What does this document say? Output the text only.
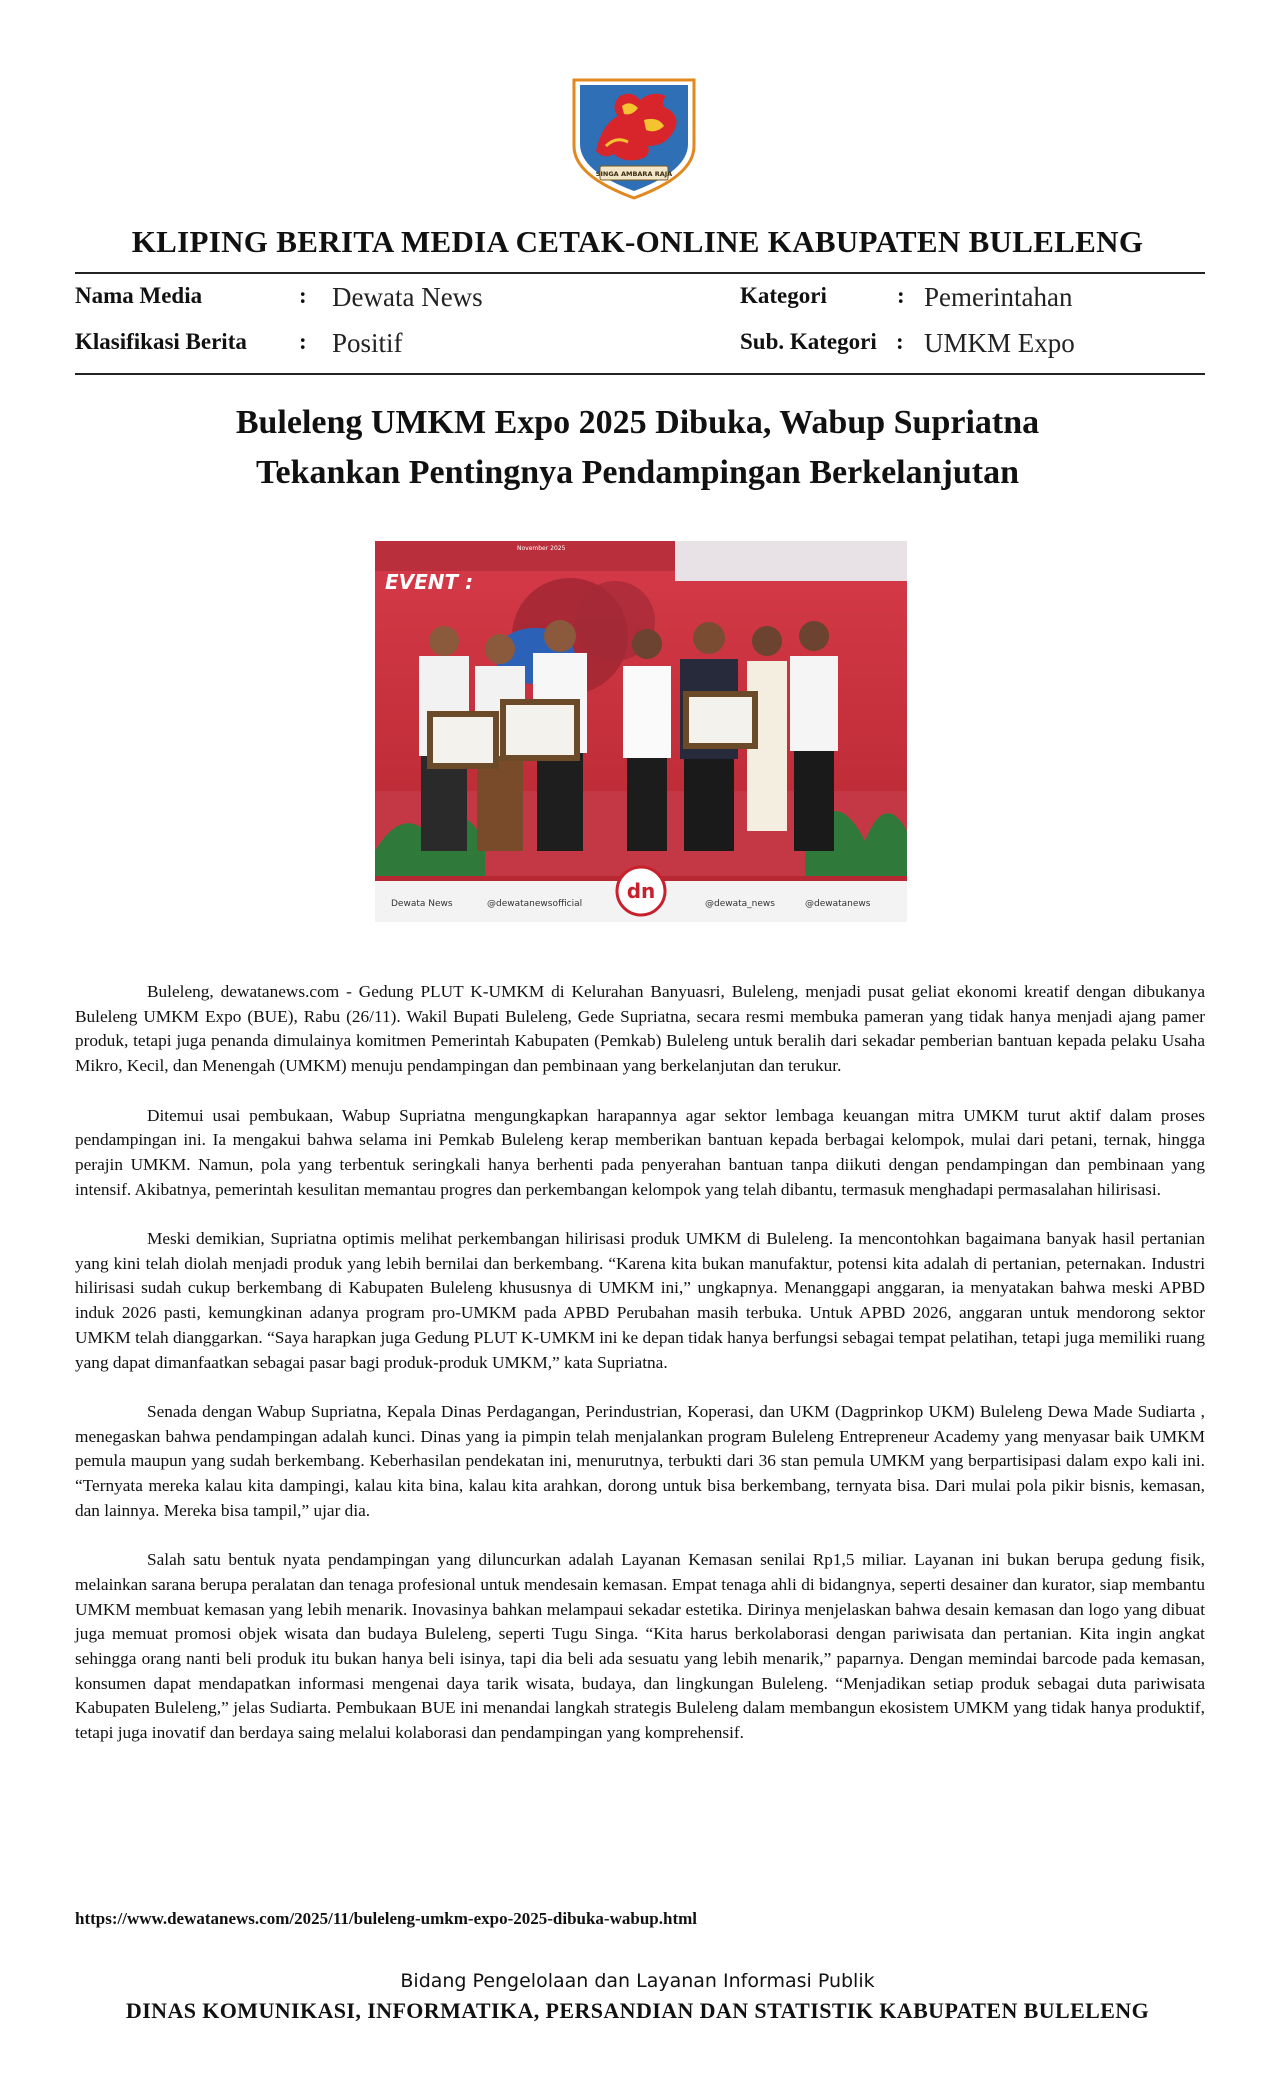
SINGA AMBARA RAJA
KLIPING BERITA MEDIA CETAK-ONLINE KABUPATEN BULELENG
Nama Media	: Dewata News	Kategori	: Pemerintahan
Klasifikasi Berita : Positif	Sub. Kategori : UMKM Expo
Buleleng UMKM Expo 2025 Dibuka, Wabup Supriatna
Tekankan Pentingnya Pendampingan Berkelanjutan
November 2025
EVENT :
dn
Dewata News	@dewatanewsofficial	@dewata_news	@dewatanews

Buleleng, dewatanews.com - Gedung PLUT K-UMKM di Kelurahan Banyuasri, Buleleng, menjadi pusat geliat ekonomi kreatif dengan dibukanya Buleleng UMKM Expo (BUE), Rabu (26/11). Wakil Bupati Buleleng, Gede Supriatna, secara resmi membuka pameran yang tidak hanya menjadi ajang pamer produk, tetapi juga penanda dimulainya komitmen Pemerintah Kabupaten (Pemkab) Buleleng untuk beralih dari sekadar pemberian bantuan kepada pelaku Usaha Mikro, Kecil, dan Menengah (UMKM) menuju pendampingan dan pembinaan yang berkelanjutan dan terukur.

Ditemui usai pembukaan, Wabup Supriatna mengungkapkan harapannya agar sektor lembaga keuangan mitra UMKM turut aktif dalam proses pendampingan ini. Ia mengakui bahwa selama ini Pemkab Buleleng kerap memberikan bantuan kepada berbagai kelompok, mulai dari petani, ternak, hingga perajin UMKM. Namun, pola yang terbentuk seringkali hanya berhenti pada penyerahan bantuan tanpa diikuti dengan pendampingan dan pembinaan yang intensif. Akibatnya, pemerintah kesulitan memantau progres dan perkembangan kelompok yang telah dibantu, termasuk menghadapi permasalahan hilirisasi.

Meski demikian, Supriatna optimis melihat perkembangan hilirisasi produk UMKM di Buleleng. Ia mencontohkan bagaimana banyak hasil pertanian yang kini telah diolah menjadi produk yang lebih bernilai dan berkembang. “Karena kita bukan manufaktur, potensi kita adalah di pertanian, peternakan. Industri hilirisasi sudah cukup berkembang di Kabupaten Buleleng khususnya di UMKM ini,” ungkapnya. Menanggapi anggaran, ia menyatakan bahwa meski APBD induk 2026 pasti, kemungkinan adanya program pro-UMKM pada APBD Perubahan masih terbuka. Untuk APBD 2026, anggaran untuk mendorong sektor UMKM telah dianggarkan. “Saya harapkan juga Gedung PLUT K-UMKM ini ke depan tidak hanya berfungsi sebagai tempat pelatihan, tetapi juga memiliki ruang yang dapat dimanfaatkan sebagai pasar bagi produk-produk UMKM,” kata Supriatna.

Senada dengan Wabup Supriatna, Kepala Dinas Perdagangan, Perindustrian, Koperasi, dan UKM (Dagprinkop UKM) Buleleng Dewa Made Sudiarta , menegaskan bahwa pendampingan adalah kunci. Dinas yang ia pimpin telah menjalankan program Buleleng Entrepreneur Academy yang menyasar baik UMKM pemula maupun yang sudah berkembang. Keberhasilan pendekatan ini, menurutnya, terbukti dari 36 stan pemula UMKM yang berpartisipasi dalam expo kali ini. “Ternyata mereka kalau kita dampingi, kalau kita bina, kalau kita arahkan, dorong untuk bisa berkembang, ternyata bisa. Dari mulai pola pikir bisnis, kemasan, dan lainnya. Mereka bisa tampil,” ujar dia.

Salah satu bentuk nyata pendampingan yang diluncurkan adalah Layanan Kemasan senilai Rp1,5 miliar. Layanan ini bukan berupa gedung fisik, melainkan sarana berupa peralatan dan tenaga profesional untuk mendesain kemasan. Empat tenaga ahli di bidangnya, seperti desainer dan kurator, siap membantu UMKM membuat kemasan yang lebih menarik. Inovasinya bahkan melampaui sekadar estetika. Dirinya menjelaskan bahwa desain kemasan dan logo yang dibuat juga memuat promosi objek wisata dan budaya Buleleng, seperti Tugu Singa. “Kita harus berkolaborasi dengan pariwisata dan pertanian. Kita ingin angkat sehingga orang nanti beli produk itu bukan hanya beli isinya, tapi dia beli ada sesuatu yang lebih menarik,” paparnya. Dengan memindai barcode pada kemasan, konsumen dapat mendapatkan informasi mengenai daya tarik wisata, budaya, dan lingkungan Buleleng. “Menjadikan setiap produk sebagai duta pariwisata Kabupaten Buleleng,” jelas Sudiarta. Pembukaan BUE ini menandai langkah strategis Buleleng dalam membangun ekosistem UMKM yang tidak hanya produktif, tetapi juga inovatif dan berdaya saing melalui kolaborasi dan pendampingan yang komprehensif.

https://www.dewatanews.com/2025/11/buleleng-umkm-expo-2025-dibuka-wabup.html
Bidang Pengelolaan dan Layanan Informasi Publik
DINAS KOMUNIKASI, INFORMATIKA, PERSANDIAN DAN STATISTIK KABUPATEN BULELENG
